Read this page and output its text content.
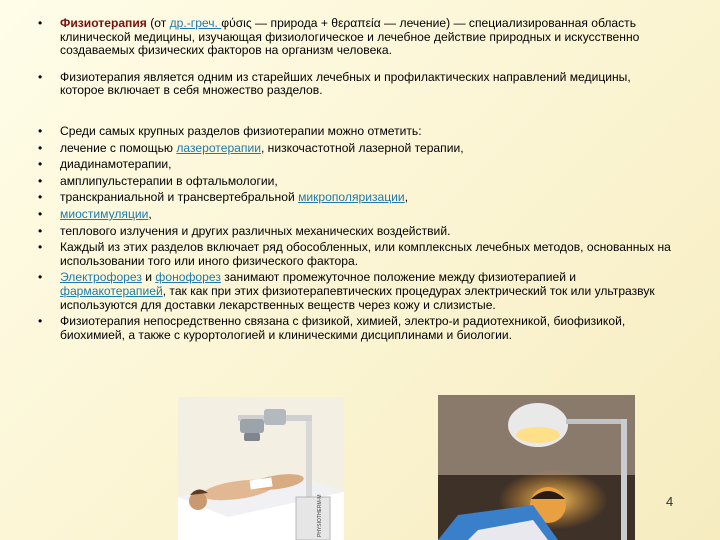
• Физиотерапия (от др.-греч. φύσις — природа + θεραπεία — лечение) — специализированная область клинической медицины, изучающая физиологическое и лечебное действие природных и искусственно создаваемых физических факторов на организм человека.
• Физиотерапия является одним из старейших лечебных и профилактических направлений медицины, которое включает в себя множество разделов.
• Среди самых крупных разделов физиотерапии можно отметить:
• лечение с помощью лазеротерапии, низкочастотной лазерной терапии,
• диадинамотерапии,
• амплипульстерапии в офтальмологии,
• транскраниальной и трансвертебральной микрополяризации,
• миостимуляции,
• теплового излучения и других различных механических воздействий.
• Каждый из этих разделов включает ряд обособленных, или комплексных лечебных методов, основанных на использовании того или иного физического фактора.
• Электрофорез и фонофорез занимают промежуточное положение между физиотерапией и фармакотерапией, так как при этих физиотерапевтических процедурах электрический ток или ультразвук используются для доставки лекарственных веществ через кожу и слизистые.
• Физиотерапия непосредственно связана с физикой, химией, электро-и радиотехникой, биофизикой, биохимией, а также с курортологией и клиническими дисциплинами и биологии.
PHYSIOTHERM-M	4
